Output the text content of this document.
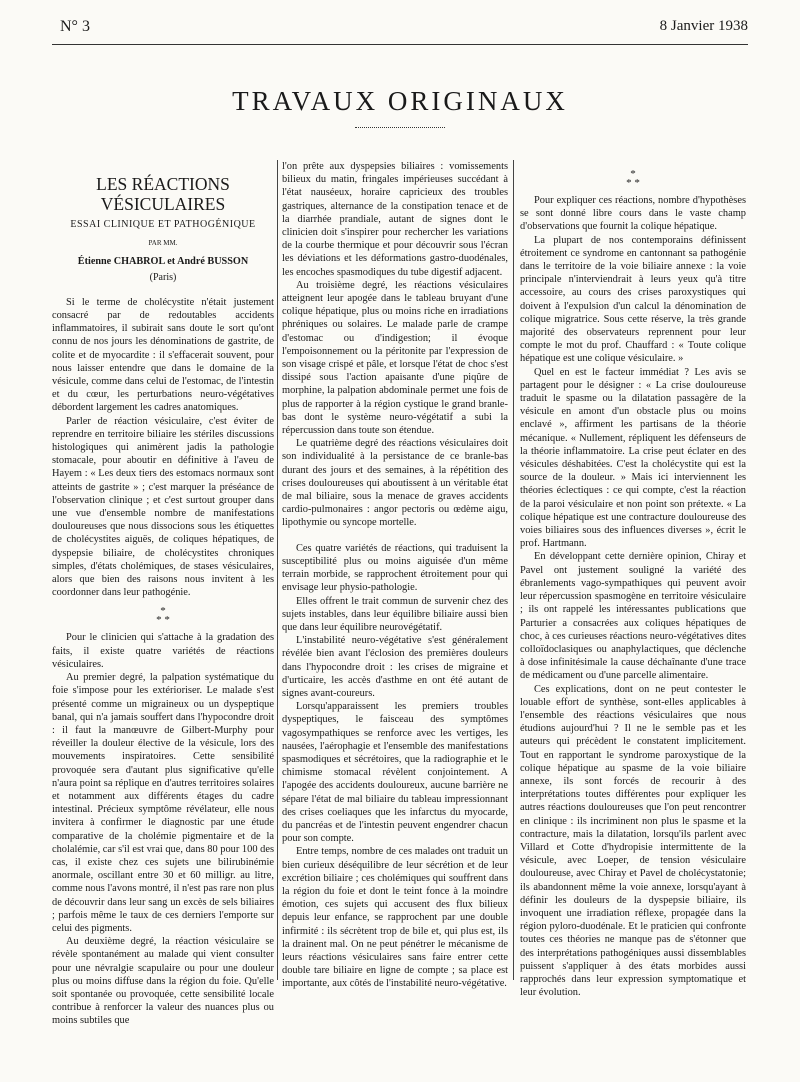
N° 3	8 Janvier 1938
TRAVAUX ORIGINAUX

LES RÉACTIONS VÉSICULAIRES

ESSAI CLINIQUE ET PATHOGÉNIQUE

PAR MM.

Étienne CHABROL et André BUSSON

(Paris)

Si le terme de cholécystite n'était justement consacré par de redoutables accidents inflammatoires, il subirait sans doute le sort qu'ont connu de nos jours les dénominations de gastrite, de colite et de myocardite : il s'effacerait souvent, pour nous laisser entendre que dans le domaine de la vésicule, comme dans celui de l'estomac, de l'intestin et du cœur, les perturbations neuro-végétatives débordent largement les cadres anatomiques.

Parler de réaction vésiculaire, c'est éviter de reprendre en territoire biliaire les stériles discussions histologiques qui animèrent jadis la pathologie stomacale, pour aboutir en définitive à l'aveu de Hayem : « Les deux tiers des estomacs normaux sont atteints de gastrite » ; c'est marquer la préséance de l'observation clinique ; et c'est surtout grouper dans une vue d'ensemble nombre de manifestations douloureuses que nous dissocions sous les étiquettes de cholécystites aiguës, de coliques hépatiques, de dyspepsie biliaire, de cholécystites chroniques simples, d'états cholémiques, de stases vésiculaires, alors que bien des raisons nous invitent à les coordonner dans leur pathogénie.

*
* *

Pour le clinicien qui s'attache à la gradation des faits, il existe quatre variétés de réactions vésiculaires.

Au premier degré, la palpation systématique du foie s'impose pour les extérioriser. Le malade s'est présenté comme un migraineux ou un dyspeptique banal, qui n'a jamais souffert dans l'hypocondre droit : il faut la manœuvre de Gilbert-Murphy pour réveiller la douleur élective de la vésicule, lors des mouvements inspiratoires. Cette sensibilité provoquée sera d'autant plus significative qu'elle n'aura point sa réplique en d'autres territoires solaires et notamment aux différents étages du cadre intestinal. Précieux symptôme révélateur, elle nous invitera à confirmer le diagnostic par une étude comparative de la cholémie pigmentaire et de la cholalémie, car s'il est vrai que, dans 80 pour 100 des cas, il existe chez ces sujets une bilirubinémie anormale, oscillant entre 30 et 60 milligr. au litre, comme nous l'avons montré, il n'est pas rare non plus de découvrir dans leur sang un excès de sels biliaires ; parfois même le taux de ces derniers l'emporte sur celui des pigments.

Au deuxième degré, la réaction vésiculaire se révèle spontanément au malade qui vient consulter pour une névralgie scapulaire ou pour une douleur plus ou moins diffuse dans la région du foie. Qu'elle soit spontanée ou provoquée, cette sensibilité locale contribue à renforcer la valeur des nuances plus ou moins subtiles que

l'on prête aux dyspepsies biliaires : vomissements bilieux du matin, fringales impérieuses succédant à l'état nauséeux, horaire capricieux des troubles gastriques, alternance de la constipation tenace et de la diarrhée prandiale, autant de signes dont le clinicien doit s'inspirer pour rechercher les variations de la courbe thermique et pour découvrir sous l'écran les déviations et les déformations gastro-duodénales, les encoches spasmodiques du tube digestif adjacent.

Au troisième degré, les réactions vésiculaires atteignent leur apogée dans le tableau bruyant d'une colique hépatique, plus ou moins riche en irradiations phréniques ou solaires. Le malade parle de crampe d'estomac ou d'indigestion; il évoque l'empoisonnement ou la péritonite par l'expression de son visage crispé et pâle, et lorsque l'état de choc s'est dissipé sous l'action apaisante d'une piqûre de morphine, la palpation abdominale permet une fois de plus de rapporter à la région cystique le grand branle-bas dont le système neuro-végétatif a subi la répercussion dans toute son étendue.

Le quatrième degré des réactions vésiculaires doit son individualité à la persistance de ce branle-bas durant des jours et des semaines, à la répétition des crises douloureuses qui aboutissent à un véritable état de mal biliaire, sous la menace de graves accidents cardio-pulmonaires : angor pectoris ou œdème aigu, lipothymie ou syncope mortelle.

Ces quatre variétés de réactions, qui traduisent la susceptibilité plus ou moins aiguisée d'un même terrain morbide, se rapprochent étroitement pour qui envisage leur physio-pathologie.

Elles offrent le trait commun de survenir chez des sujets instables, dans leur équilibre biliaire aussi bien que dans leur équilibre neurovégétatif.

L'instabilité neuro-végétative s'est généralement révélée bien avant l'éclosion des premières douleurs dans l'hypocondre droit : les crises de migraine et d'urticaire, les accès d'asthme en ont été autant de signes avant-coureurs.

Lorsqu'apparaissent les premiers troubles dyspeptiques, le faisceau des symptômes vagosympathiques se renforce avec les vertiges, les nausées, l'aérophagie et l'ensemble des manifestations spasmodiques et sécrétoires, que la radiographie et le chimisme stomacal révèlent conjointement. A l'apogée des accidents douloureux, aucune barrière ne sépare l'état de mal biliaire du tableau impressionnant des crises coeliaques que les infarctus du myocarde, du pancréas et de l'intestin peuvent engendrer chacun pour son compte.

Entre temps, nombre de ces malades ont traduit un bien curieux déséquilibre de leur sécrétion et de leur excrétion biliaire ; ces cholémiques qui souffrent dans la région du foie et dont le teint fonce à la moindre émotion, ces sujets qui accusent des flux bilieux depuis leur enfance, se rapprochent par une double infirmité : ils sécrètent trop de bile et, qui plus est, ils la drainent mal. On ne peut pénétrer le mécanisme de leurs réactions vésiculaires sans faire entrer cette double tare biliaire en ligne de compte ; sa place est importante, aux côtés de l'instabilité neuro-végétative.

*
* *

Pour expliquer ces réactions, nombre d'hypothèses se sont donné libre cours dans le vaste champ d'observations que fournit la colique hépatique.

La plupart de nos contemporains définissent étroitement ce syndrome en cantonnant sa pathogénie dans le territoire de la voie biliaire annexe : la voie principale n'interviendrait à leurs yeux qu'à titre accessoire, au cours des crises paroxystiques qui doivent à l'expulsion d'un calcul la dénomination de colique migratrice. Sous cette réserve, la très grande majorité des observateurs reprennent pour leur compte le mot du prof. Chauffard : « Toute colique hépatique est une colique vésiculaire. »

Quel en est le facteur immédiat ? Les avis se partagent pour le désigner : « La crise douloureuse traduit le spasme ou la dilatation passagère de la vésicule en amont d'un obstacle plus ou moins enclavé », affirment les partisans de la théorie mécanique. « Nullement, répliquent les défenseurs de la théorie inflammatoire. La crise peut éclater en des vésicules déshabitées. C'est la cholécystite qui est la source de la douleur. » Mais ici interviennent les théories éclectiques : ce qui compte, c'est la réaction de la paroi vésiculaire et non point son prétexte. « La colique hépatique est une contracture douloureuse des voies biliaires sous des influences diverses », écrit le prof. Hartmann.

En développant cette dernière opinion, Chiray et Pavel ont justement souligné la variété des ébranlements vago-sympathiques qui peuvent avoir leur répercussion spasmogène en territoire vésiculaire ; ils ont rappelé les intéressantes publications que Parturier a consacrées aux coliques hépatiques de choc, à ces curieuses réactions neuro-végétatives dites colloïdoclasiques ou anaphylactiques, que déclenche à dose infinitésimale la cause déchaînante d'une trace de médicament ou d'une parcelle alimentaire.

Ces explications, dont on ne peut contester le louable effort de synthèse, sont-elles applicables à l'ensemble des réactions vésiculaires que nous étudions aujourd'hui ? Il ne le semble pas et les auteurs qui précèdent le constatent implicitement. Tout en rapportant le syndrome paroxystique de la colique hépatique au spasme de la voie biliaire annexe, ils sont forcés de recourir à des interprétations toutes différentes pour expliquer les autres réactions douloureuses que l'on peut rencontrer en clinique : ils incriminent non plus le spasme et la contracture, mais la dilatation, lorsqu'ils parlent avec Villard et Cotte d'hydropisie intermittente de la vésicule, avec Loeper, de tension vésiculaire douloureuse, avec Chiray et Pavel de cholécystatonie; ils abandonnent même la voie annexe, lorsqu'ayant à définir les douleurs de la dyspepsie biliaire, ils invoquent une irradiation réflexe, propagée dans la région pyloro-duodénale. Et le praticien qui confronte toutes ces théories ne manque pas de s'étonner que des interprétations pathogéniques aussi dissemblables puissent s'appliquer à des états morbides aussi rapprochés dans leur expression symptomatique et leur évolution.
